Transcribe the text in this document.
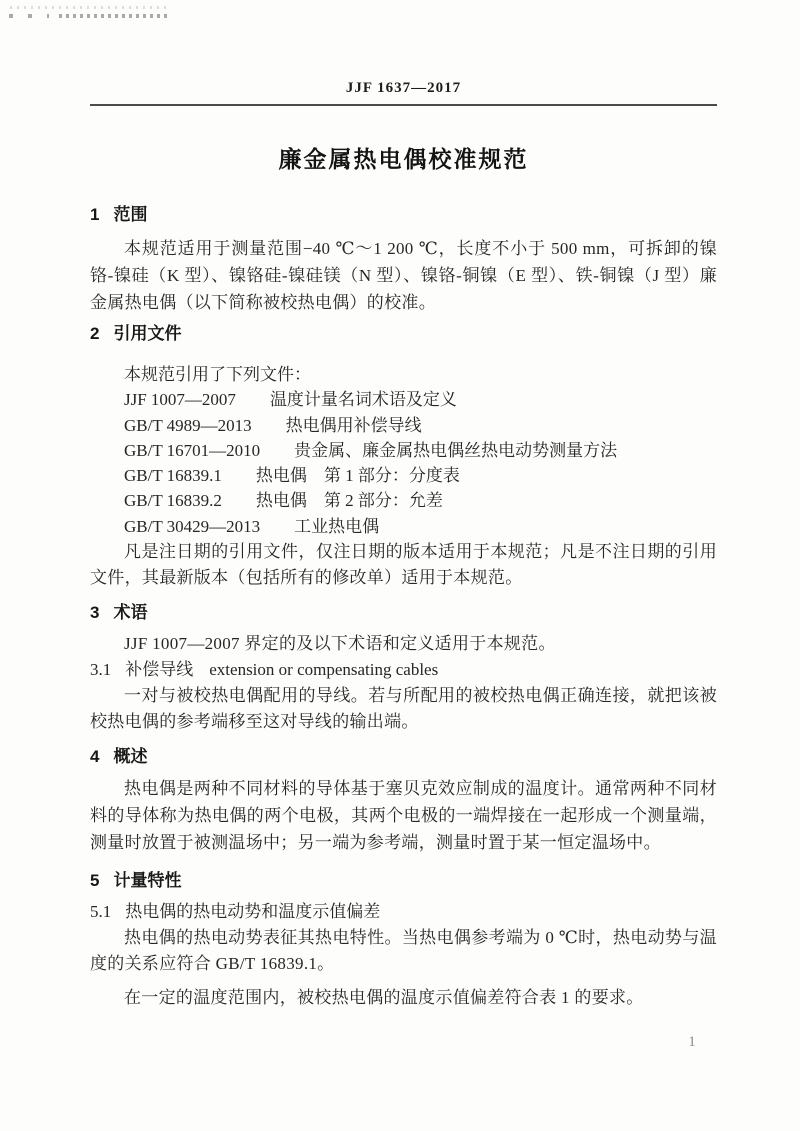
JJF 1637—2017
廉金属热电偶校准规范
1 范围
本规范适用于测量范围−40 ℃～1 200 ℃，长度不小于 500 mm，可拆卸的镍铬-镍硅（K 型）、镍铬硅-镍硅镁（N 型）、镍铬-铜镍（E 型）、铁-铜镍（J 型）廉金属热电偶（以下简称被校热电偶）的校准。
2 引用文件
本规范引用了下列文件：
JJF 1007—2007 温度计量名词术语及定义
GB/T 4989—2013 热电偶用补偿导线
GB/T 16701—2010 贵金属、廉金属热电偶丝热电动势测量方法
GB/T 16839.1 热电偶　第 1 部分：分度表
GB/T 16839.2 热电偶　第 2 部分：允差
GB/T 30429—2013 工业热电偶
凡是注日期的引用文件，仅注日期的版本适用于本规范；凡是不注日期的引用文件，其最新版本（包括所有的修改单）适用于本规范。
3 术语
JJF 1007—2007 界定的及以下术语和定义适用于本规范。
3.1 补偿导线 extension or compensating cables
一对与被校热电偶配用的导线。若与所配用的被校热电偶正确连接，就把该被校热电偶的参考端移至这对导线的输出端。
4 概述
热电偶是两种不同材料的导体基于塞贝克效应制成的温度计。通常两种不同材料的导体称为热电偶的两个电极，其两个电极的一端焊接在一起形成一个测量端，测量时放置于被测温场中；另一端为参考端，测量时置于某一恒定温场中。
5 计量特性
5.1 热电偶的热电动势和温度示值偏差
热电偶的热电动势表征其热电特性。当热电偶参考端为 0 ℃时，热电动势与温度的关系应符合 GB/T 16839.1。
在一定的温度范围内，被校热电偶的温度示值偏差符合表 1 的要求。
1
